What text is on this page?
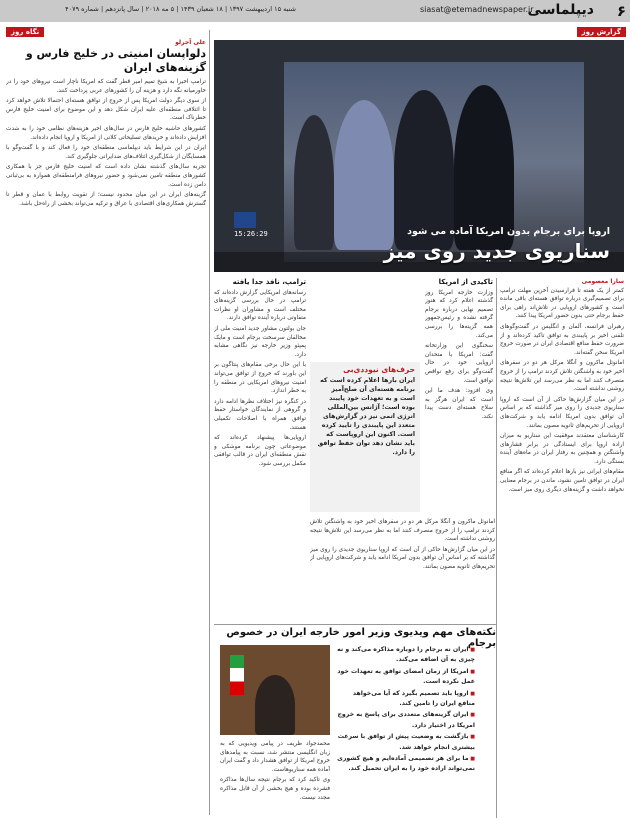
۶
دیپلماسی
siasat@etemadnewspaper.ir
شنبه ۱۵ اردیبهشت ۱۳۹۷ | ۱۸ شعبان ۱۴۳۹ | ۵ مه ۲۰۱۸ | سال پانزدهم | شماره ۴۰۷۹
گزارش روز
نگاه روز
علی آجرلو
دلواپسان امنیتی در خلیج فارس و گزینه‌های ایران

ترامپ اخیرا به شیخ تمیم امیر قطر گفت که امریکا ناچار است نیروهای خود را در خاورمیانه نگه دارد و هزینه آن را کشورهای عربی پرداخت کنند.

از سوی دیگر دولت امریکا پس از خروج از توافق هسته‌ای احتمالا تلاش خواهد کرد تا ائتلافی منطقه‌ای علیه ایران شکل دهد و این موضوع برای امنیت خلیج فارس خطرناک است.

کشورهای حاشیه خلیج فارس در سال‌های اخیر هزینه‌های نظامی خود را به شدت افزایش داده‌اند و خریدهای تسلیحاتی کلانی از امریکا و اروپا انجام داده‌اند.

ایران در این شرایط باید دیپلماسی منطقه‌ای خود را فعال کند و با گفت‌وگو با همسایگان از شکل‌گیری ائتلاف‌های ضدایرانی جلوگیری کند.

تجربه سال‌های گذشته نشان داده است که امنیت خلیج فارس جز با همکاری کشورهای منطقه تامین نمی‌شود و حضور نیروهای فرامنطقه‌ای همواره به بی‌ثباتی دامن زده است.

گزینه‌های ایران در این میان محدود نیست؛ از تقویت روابط با عمان و قطر تا گسترش همکاری‌های اقتصادی با عراق و ترکیه می‌تواند بخشی از راه‌حل باشد.

15:26:29	اروپا برای برجام بدون امریکا آماده می شود
سناریوی جدید روی میز
سارا معصومی

کمتر از یک هفته تا فرارسیدن آخرین مهلت ترامپ برای تصمیم‌گیری درباره توافق هسته‌ای باقی مانده است و کشورهای اروپایی در تلاش‌اند راهی برای حفظ برجام حتی بدون حضور امریکا پیدا کنند.

رهبران فرانسه، آلمان و انگلیس در گفت‌وگوهای تلفنی اخیر بر پایبندی به توافق تاکید کرده‌اند و از ضرورت حفظ منافع اقتصادی ایران در صورت خروج امریکا سخن گفته‌اند.

امانوئل ماکرون و آنگلا مرکل هر دو در سفرهای اخیر خود به واشنگتن تلاش کردند ترامپ را از خروج منصرف کنند اما به نظر می‌رسد این تلاش‌ها نتیجه روشنی نداشته است.

در این میان گزارش‌ها حاکی از آن است که اروپا سناریوی جدیدی را روی میز گذاشته که بر اساس آن توافق بدون امریکا ادامه یابد و شرکت‌های اروپایی از تحریم‌های ثانویه مصون بمانند.

کارشناسان معتقدند موفقیت این سناریو به میزان اراده اروپا برای ایستادگی در برابر فشارهای واشنگتن و همچنین به رفتار ایران در ماه‌های آینده بستگی دارد.

مقام‌های ایرانی نیز بارها اعلام کرده‌اند که اگر منافع ایران در توافق تامین نشود، ماندن در برجام معنایی نخواهد داشت و گزینه‌های دیگری روی میز است.

تاکیدی از امریکا

وزارت خارجه امریکا روز گذشته اعلام کرد که هنوز تصمیم نهایی درباره برجام گرفته نشده و رئیس‌جمهور همه گزینه‌ها را بررسی می‌کند.

سخنگوی این وزارتخانه گفت: امریکا با متحدان اروپایی خود در حال گفت‌وگو برای رفع نواقص توافق است.

وی افزود: هدف ما این است که ایران هرگز به سلاح هسته‌ای دست پیدا نکند.

حرف‌های نیوددی‌بی
ایران بارها اعلام کرده است که برنامه هسته‌ای آن صلح‌آمیز است و به تعهدات خود پایبند بوده است؛ آژانس بین‌المللی انرژی اتمی نیز در گزارش‌های متعدد این پایبندی را تایید کرده است. اکنون این اروپاست که باید نشان دهد توان حفظ توافق را دارد.
ترامپ، نافذ جدا یافته

رسانه‌های امریکایی گزارش داده‌اند که ترامپ در حال بررسی گزینه‌های مختلف است و مشاوران او نظرات متفاوتی درباره آینده توافق دارند.

جان بولتون مشاور جدید امنیت ملی از مخالفان سرسخت برجام است و مایک پمپئو وزیر خارجه نیز نگاهی مشابه دارد.

با این حال برخی مقام‌های پنتاگون بر این باورند که خروج از توافق می‌تواند امنیت نیروهای امریکایی در منطقه را به خطر اندازد.

در کنگره نیز اختلاف نظرها ادامه دارد و گروهی از نمایندگان خواستار حفظ توافق همراه با اصلاحات تکمیلی هستند.

اروپایی‌ها پیشنهاد کرده‌اند که موضوعاتی چون برنامه موشکی و نقش منطقه‌ای ایران در قالب توافقی مکمل بررسی شود.

امانوئل ماکرون و آنگلا مرکل هر دو در سفرهای اخیر خود به واشنگتن تلاش کردند ترامپ را از خروج منصرف کنند اما به نظر می‌رسد این تلاش‌ها نتیجه روشنی نداشته است.

در این میان گزارش‌ها حاکی از آن است که اروپا سناریوی جدیدی را روی میز گذاشته که بر اساس آن توافق بدون امریکا ادامه یابد و شرکت‌های اروپایی از تحریم‌های ثانویه مصون بمانند.

نکته‌های مهم ویدیوی وزیر امور خارجه ایران در خصوص برجام
■ ایران نه برجام را دوباره مذاکره می‌کند و نه چیزی به آن اضافه می‌کند.
■ امریکا از زمان امضای توافق به تعهدات خود عمل نکرده است.
■ اروپا باید تصمیم بگیرد که آیا می‌خواهد منافع ایران را تامین کند.
■ ایران گزینه‌های متعددی برای پاسخ به خروج امریکا در اختیار دارد.
■ بازگشت به وضعیت پیش از توافق با سرعت بیشتری انجام خواهد شد.
■ ما برای هر تصمیمی آماده‌ایم و هیچ کشوری نمی‌تواند اراده خود را به ایران تحمیل کند.

محمدجواد ظریف در پیامی ویدیویی که به زبان انگلیسی منتشر شد، نسبت به پیامدهای خروج امریکا از توافق هشدار داد و گفت ایران آماده همه سناریوهاست.

وی تاکید کرد که برجام نتیجه سال‌ها مذاکره فشرده بوده و هیچ بخشی از آن قابل مذاکره مجدد نیست.
